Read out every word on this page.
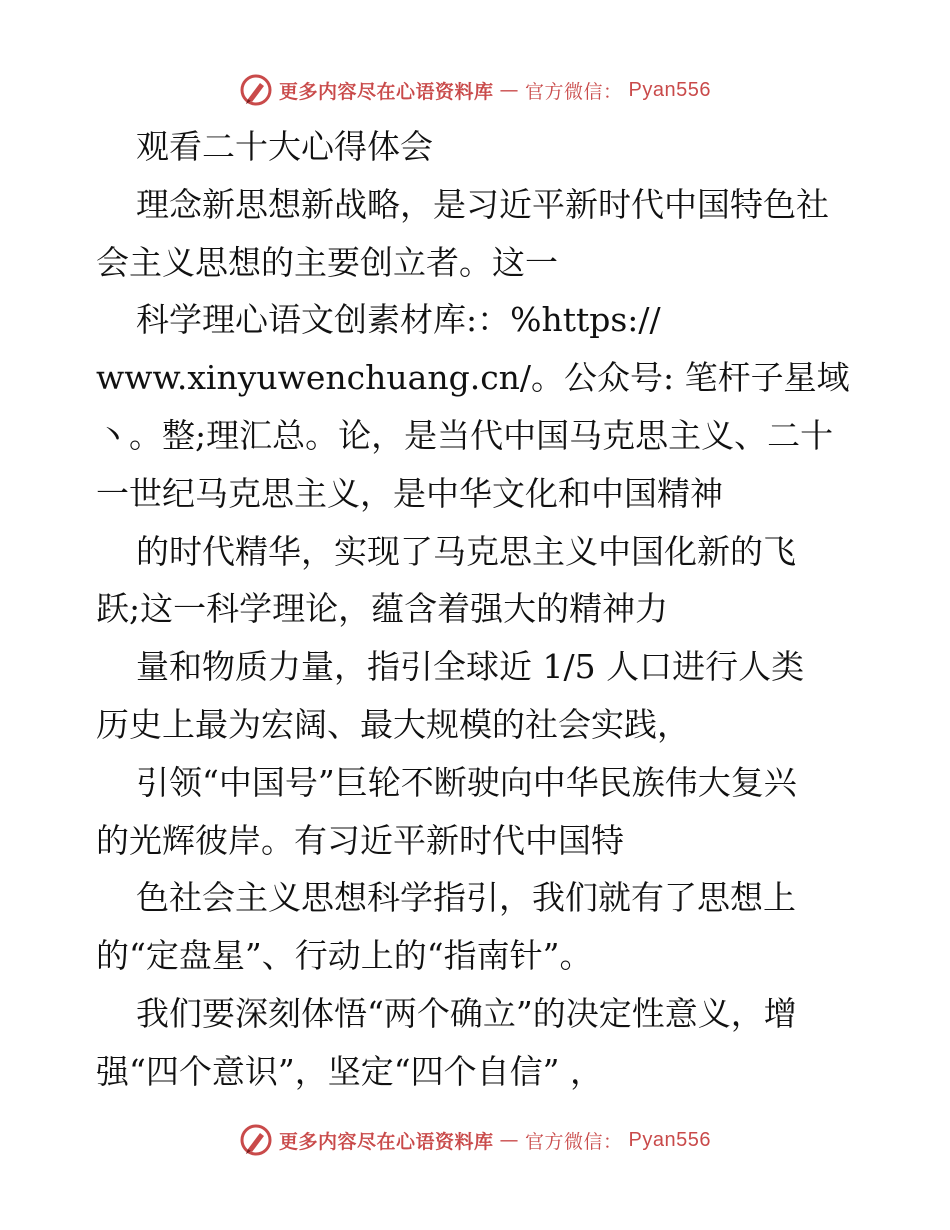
更多内容尽在心语资料库 — 官方微信： Pyan556
观看二十大心得体会
理念新思想新战略，是习近平新时代中国特色社
会主义思想的主要创立者。这一
科学理心语文创素材库:：%https://
www.xinyuwenchuang.cn/。公众号: 笔杆子星域
丶。整;理汇总。论，是当代中国马克思主义、二十
一世纪马克思主义，是中华文化和中国精神
的时代精华，实现了马克思主义中国化新的飞
跃;这一科学理论，蕴含着强大的精神力
量和物质力量，指引全球近 1/5 人口进行人类
历史上最为宏阔、最大规模的社会实践，
引领“中国号”巨轮不断驶向中华民族伟大复兴
的光辉彼岸。有习近平新时代中国特
色社会主义思想科学指引，我们就有了思想上
的“定盘星”、行动上的“指南针”。
我们要深刻体悟“两个确立”的决定性意义，增
强“四个意识”，坚定“四个自信” ，
更多内容尽在心语资料库 — 官方微信： Pyan556
